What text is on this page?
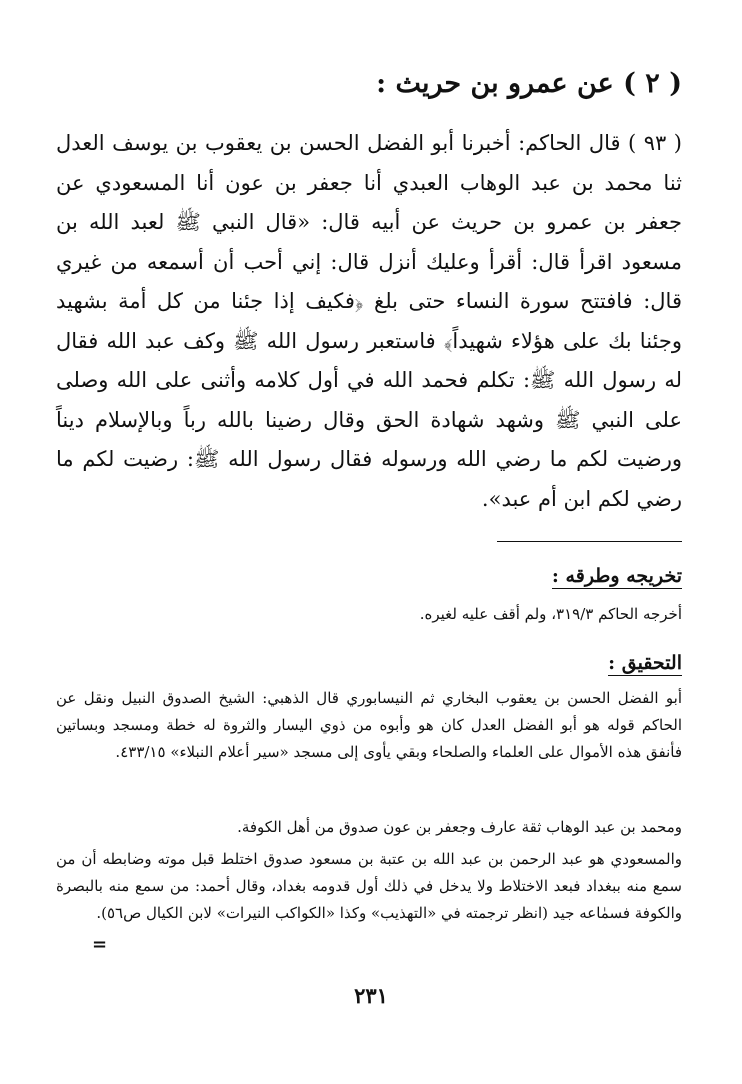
( ٢ ) عن عمرو بن حريث :
( ٩٣ ) قال الحاكم: أخبرنا أبو الفضل الحسن بن يعقوب بن يوسف العدل ثنا محمد بن عبد الوهاب العبدي أنا جعفر بن عون أنا المسعودي عن جعفر بن عمرو بن حريث عن أبيه قال: «قال النبي ﷺ لعبد الله بن مسعود اقرأ قال: أقرأ وعليك أنزل قال: إني أحب أن أسمعه من غيري قال: فافتتح سورة النساء حتى بلغ ﴿فكيف إذا جئنا من كل أمة بشهيد وجئنا بك على هؤلاء شهيداً﴾ فاستعبر رسول الله ﷺ وكف عبد الله فقال له رسول الله ﷺ: تكلم فحمد الله في أول كلامه وأثنى على الله وصلى على النبي ﷺ وشهد شهادة الحق وقال رضينا بالله رباً وبالإسلام ديناً ورضيت لكم ما رضي الله ورسوله فقال رسول الله ﷺ: رضيت لكم ما رضي لكم ابن أم عبد».
تخريجه وطرقه :
أخرجه الحاكم ٣١٩/٣، ولم أقف عليه لغيره.
التحقيق :
أبو الفضل الحسن بن يعقوب البخاري ثم النيسابوري قال الذهبي: الشيخ الصدوق النبيل ونقل عن الحاكم قوله هو أبو الفضل العدل كان هو وأبوه من ذوي اليسار والثروة له خطة ومسجد وبساتين فأنفق هذه الأموال على العلماء والصلحاء وبقي يأوى إلى مسجد «سير أعلام النبلاء» ٤٣٣/١٥.
ومحمد بن عبد الوهاب ثقة عارف وجعفر بن عون صدوق من أهل الكوفة.
والمسعودي هو عبد الرحمن بن عبد الله بن عتبة بن مسعود صدوق اختلط قبل موته وضابطه أن من سمع منه ببغداد فبعد الاختلاط ولا يدخل في ذلك أول قدومه بغداد، وقال أحمد: من سمع منه بالبصرة والكوفة فسمٰاعه جيد (انظر ترجمته في «التهذيب» وكذا «الكواكب النيرات» لابن الكيال ص٥٦).
=
٢٣١
